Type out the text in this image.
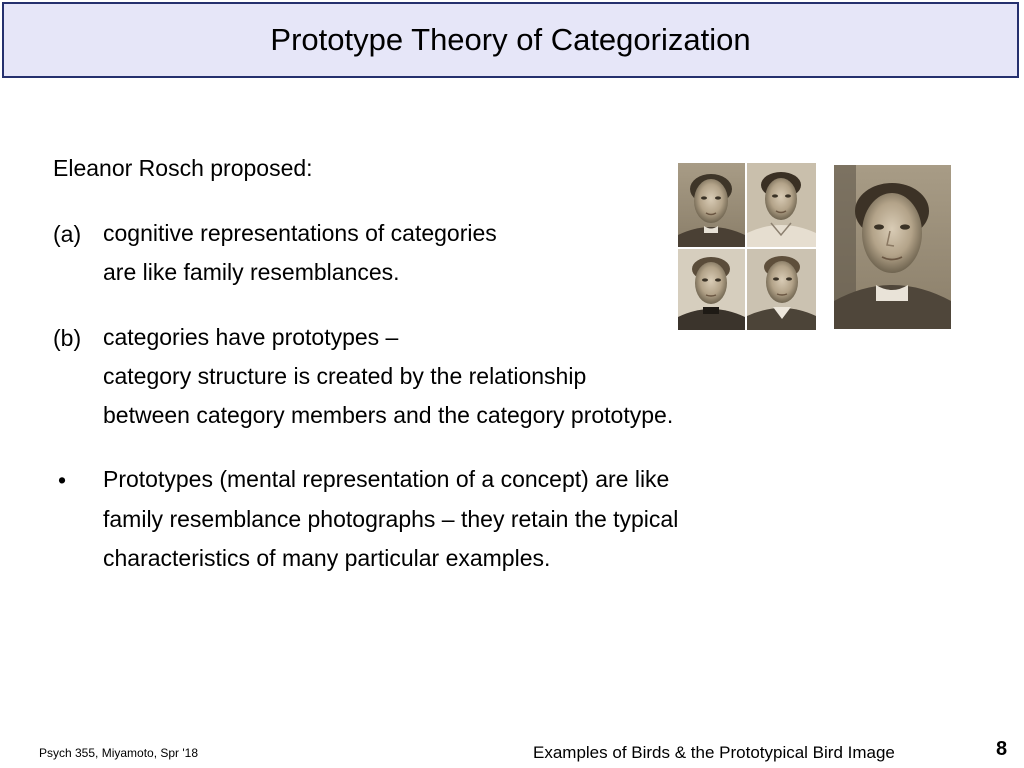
Prototype Theory of Categorization
Eleanor Rosch proposed:
(a) cognitive representations of categories
are like family resemblances.
(b) categories have prototypes –
category structure is created by the relationship
between category members and the category prototype.
• Prototypes (mental representation of a concept) are like
family resemblance photographs – they retain the typical
characteristics of many particular examples.
Psych 355, Miyamoto, Spr '18	Examples of Birds & the Prototypical Bird Image	8
